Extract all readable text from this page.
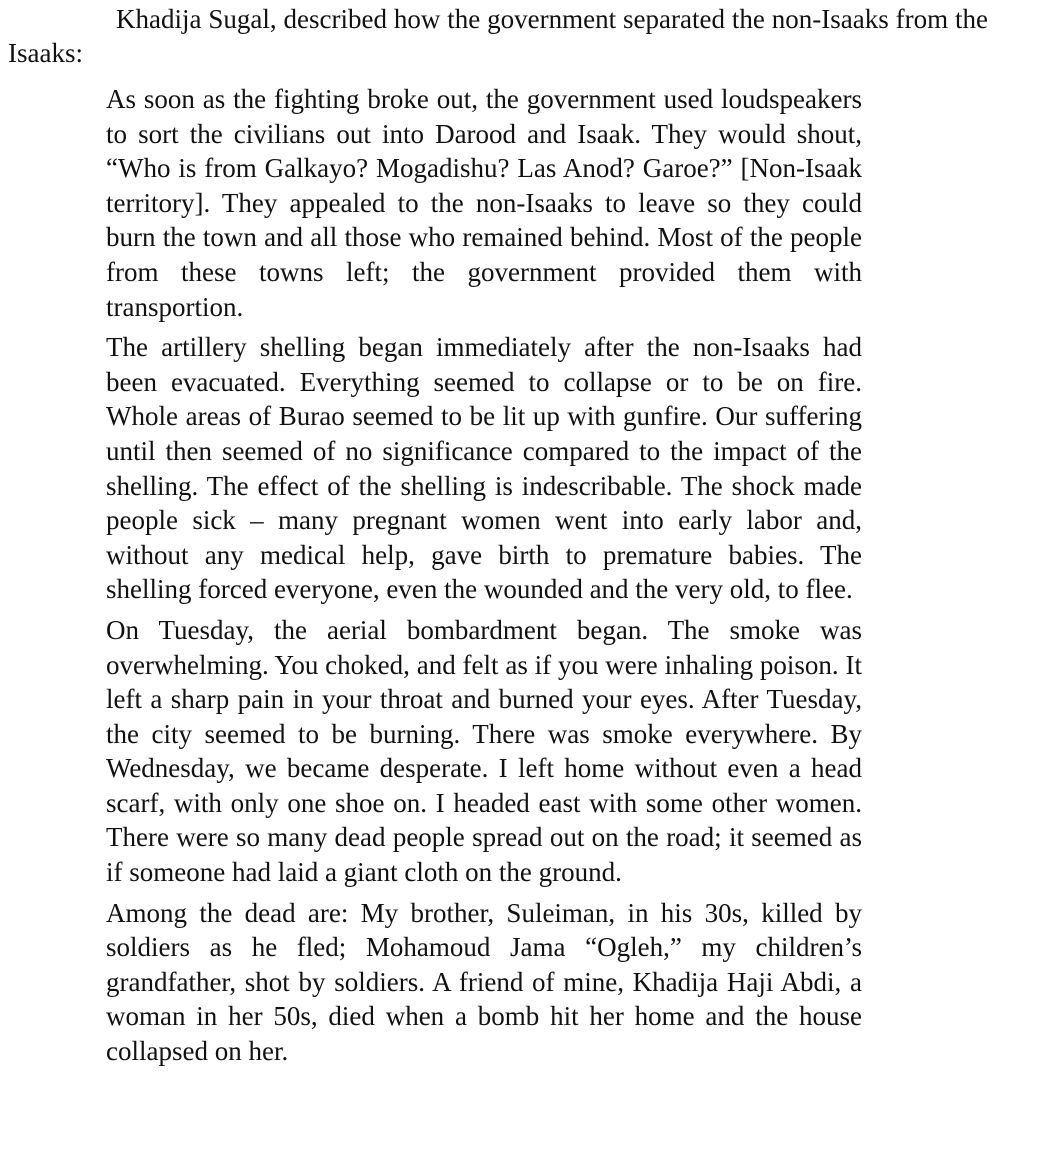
Khadija Sugal, described how the government separated the non-Isaaks from the Isaaks:

As soon as the fighting broke out, the government used loudspeakers to sort the civilians out into Darood and Isaak. They would shout, “Who is from Galkayo? Mogadishu? Las Anod? Garoe?” [Non-Isaak territory]. They appealed to the non-Isaaks to leave so they could burn the town and all those who remained behind. Most of the people from these towns left; the government provided them with transportion.

The artillery shelling began immediately after the non-Isaaks had been evacuated. Everything seemed to collapse or to be on fire. Whole areas of Burao seemed to be lit up with gunfire. Our suffering until then seemed of no significance compared to the impact of the shelling. The effect of the shelling is indescribable. The shock made people sick – many pregnant women went into early labor and, without any medical help, gave birth to premature babies. The shelling forced everyone, even the wounded and the very old, to flee.

On Tuesday, the aerial bombardment began. The smoke was overwhelming. You choked, and felt as if you were inhaling poison. It left a sharp pain in your throat and burned your eyes. After Tuesday, the city seemed to be burning. There was smoke everywhere. By Wednesday, we became desperate. I left home without even a head scarf, with only one shoe on. I headed east with some other women. There were so many dead people spread out on the road; it seemed as if someone had laid a giant cloth on the ground.

Among the dead are: My brother, Suleiman, in his 30s, killed by soldiers as he fled; Mohamoud Jama “Ogleh,” my children’s grandfather, shot by soldiers. A friend of mine, Khadija Haji Abdi, a woman in her 50s, died when a bomb hit her home and the house collapsed on her.
